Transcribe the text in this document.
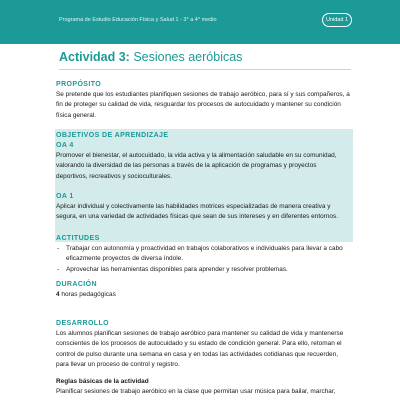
Programa de Estudio Educación Física y Salud 1 - 3° a 4° medio	Unidad 1
Actividad 3: Sesiones aeróbicas
PROPÓSITO
Se pretende que los estudiantes planifiquen sesiones de trabajo aeróbico, para sí y sus compañeros, a
fin de proteger su calidad de vida, resguardar los procesos de autocuidado y mantener su condición
física general.
OBJETIVOS DE APRENDIZAJE
OA 4
Promover el bienestar, el autocuidado, la vida activa y la alimentación saludable en su comunidad,
valorando la diversidad de las personas a través de la aplicación de programas y proyectos
deportivos, recreativos y socioculturales.
OA 1
Aplicar individual y colectivamente las habilidades motrices especializadas de manera creativa y
segura, en una variedad de actividades físicas que sean de sus intereses y en diferentes entornos.
ACTITUDES
- Trabajar con autonomía y proactividad en trabajos colaborativos e individuales para llevar a cabo
eficazmente proyectos de diversa índole.
- Aprovechar las herramientas disponibles para aprender y resolver problemas.
DURACIÓN
4 horas pedagógicas
DESARROLLO
Los alumnos planifican sesiones de trabajo aeróbico para mantener su calidad de vida y mantenerse
conscientes de los procesos de autocuidado y su estado de condición general. Para ello, retoman el
control de pulso durante una semana en casa y en todas las actividades cotidianas que recuerden,
para llevar un proceso de control y registro.
Reglas básicas de la actividad
Planificar sesiones de trabajo aeróbico en la clase que permitan usar música para bailar, marchar,
